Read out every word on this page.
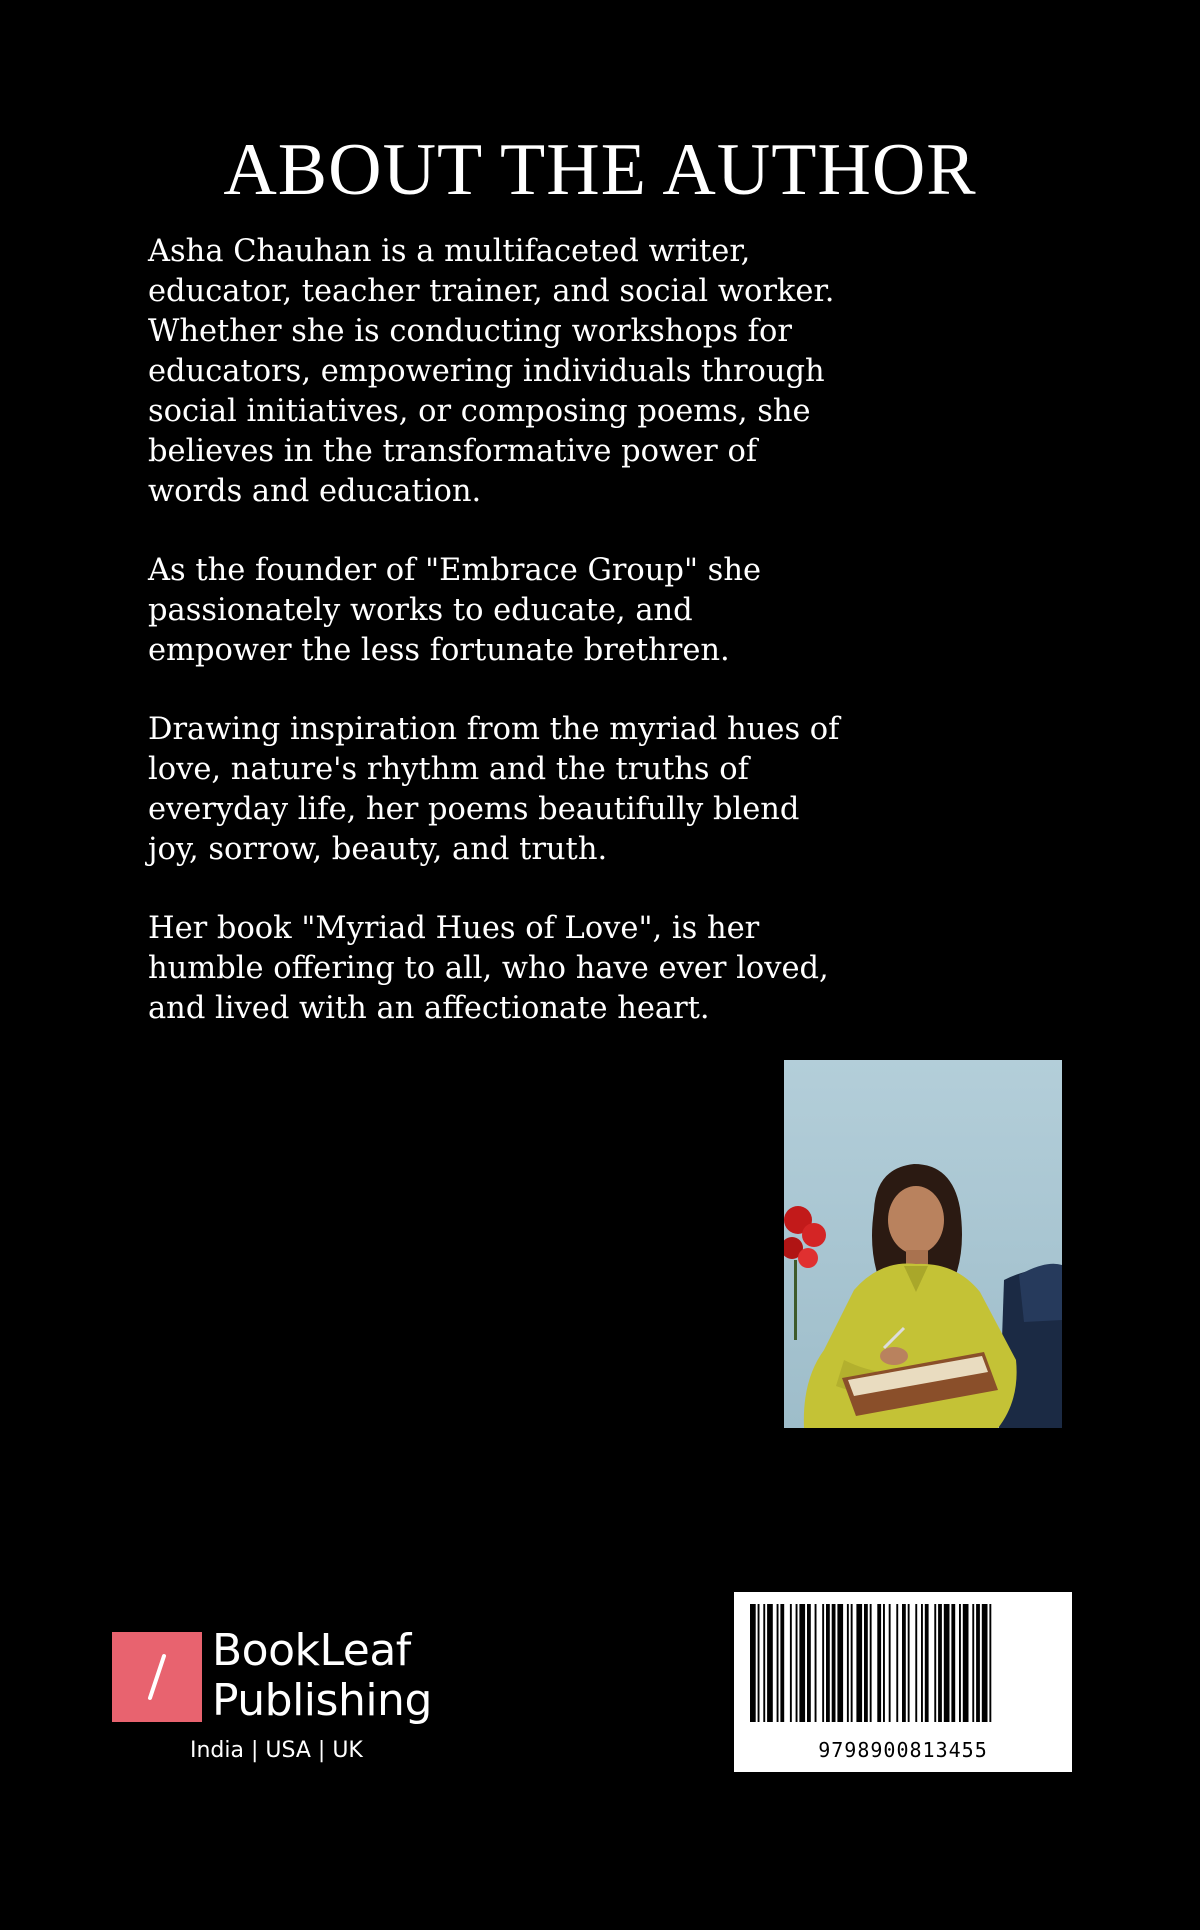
ABOUT THE AUTHOR

Asha Chauhan is a multifaceted writer,
educator, teacher trainer, and social worker.
Whether she is conducting workshops for
educators, empowering individuals through
social initiatives, or composing poems, she
believes in the transformative power of
words and education.

As the founder of "Embrace Group" she
passionately works to educate, and
empower the less fortunate brethren.

Drawing inspiration from the myriad hues of
love, nature's rhythm and the truths of
everyday life, her poems beautifully blend
joy, sorrow, beauty, and truth.

Her book "Myriad Hues of Love", is her
humble offering to all, who have ever loved,
and lived with an affectionate heart.

BookLeaf
Publishing
India | USA | UK	9798900813455
